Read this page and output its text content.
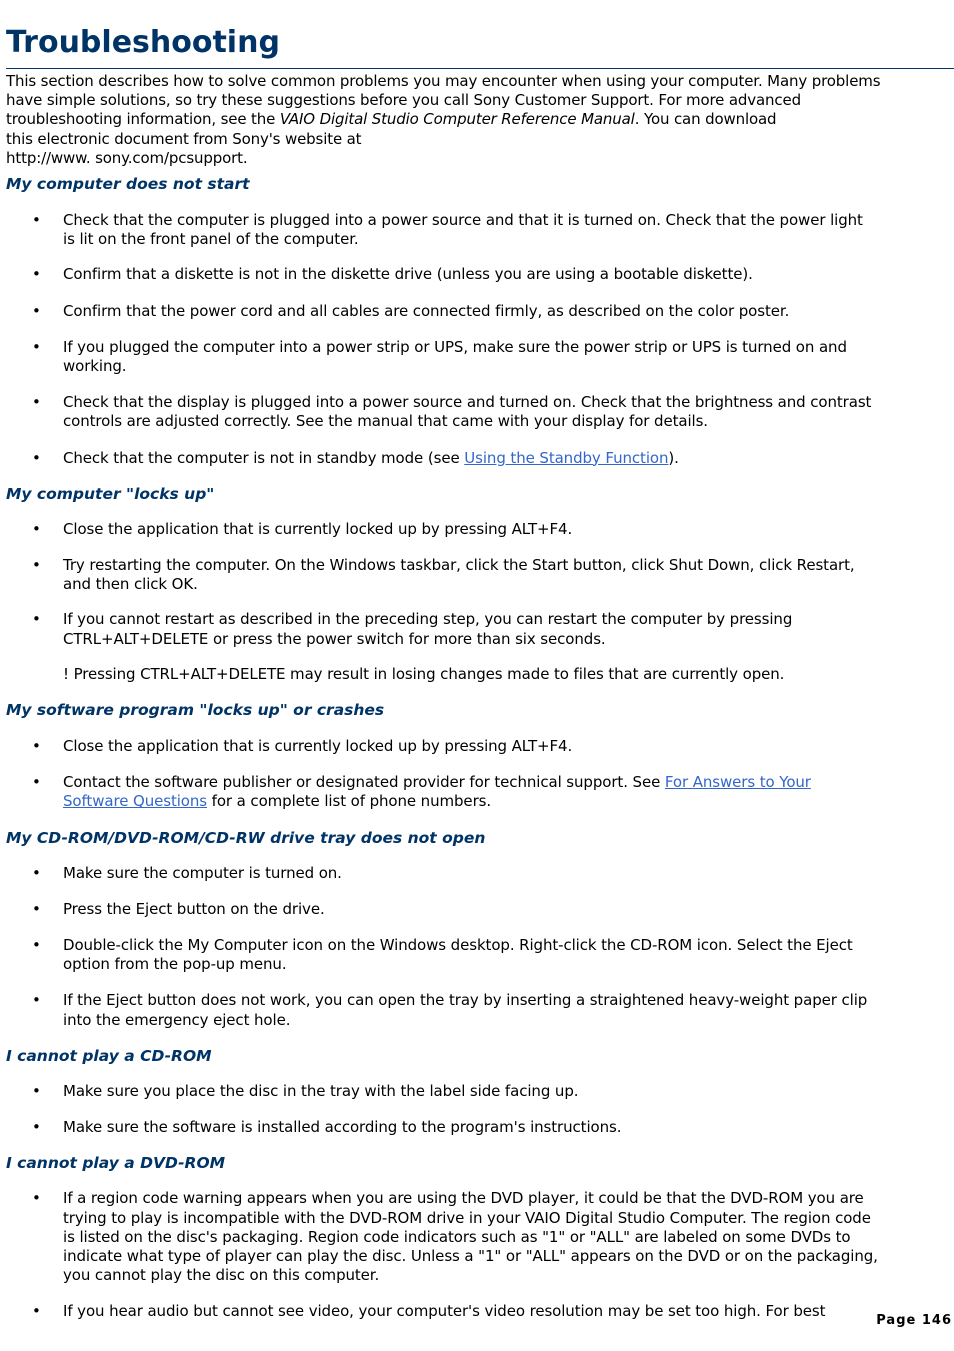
Troubleshooting
This section describes how to solve common problems you may encounter when using your computer. Many problems
have simple solutions, so try these suggestions before you call Sony Customer Support. For more advanced
troubleshooting information, see the VAIO Digital Studio Computer Reference Manual. You can download
this electronic document from Sony's website at
http://www. sony.com/pcsupport.
My computer does not start
• Check that the computer is plugged into a power source and that it is turned on. Check that the power light
is lit on the front panel of the computer.
• Confirm that a diskette is not in the diskette drive (unless you are using a bootable diskette).
• Confirm that the power cord and all cables are connected firmly, as described on the color poster.
• If you plugged the computer into a power strip or UPS, make sure the power strip or UPS is turned on and
working.
• Check that the display is plugged into a power source and turned on. Check that the brightness and contrast
controls are adjusted correctly. See the manual that came with your display for details.
• Check that the computer is not in standby mode (see Using the Standby Function).
My computer "locks up"
• Close the application that is currently locked up by pressing ALT+F4.
• Try restarting the computer. On the Windows taskbar, click the Start button, click Shut Down, click Restart,
and then click OK.
• If you cannot restart as described in the preceding step, you can restart the computer by pressing
CTRL+ALT+DELETE or press the power switch for more than six seconds.
! Pressing CTRL+ALT+DELETE may result in losing changes made to files that are currently open.
My software program "locks up" or crashes
• Close the application that is currently locked up by pressing ALT+F4.
• Contact the software publisher or designated provider for technical support. See For Answers to Your
Software Questions for a complete list of phone numbers.
My CD-ROM/DVD-ROM/CD-RW drive tray does not open
• Make sure the computer is turned on.
• Press the Eject button on the drive.
• Double-click the My Computer icon on the Windows desktop. Right-click the CD-ROM icon. Select the Eject
option from the pop-up menu.
• If the Eject button does not work, you can open the tray by inserting a straightened heavy-weight paper clip
into the emergency eject hole.
I cannot play a CD-ROM
• Make sure you place the disc in the tray with the label side facing up.
• Make sure the software is installed according to the program's instructions.
I cannot play a DVD-ROM
• If a region code warning appears when you are using the DVD player, it could be that the DVD-ROM you are
trying to play is incompatible with the DVD-ROM drive in your VAIO Digital Studio Computer. The region code
is listed on the disc's packaging. Region code indicators such as "1" or "ALL" are labeled on some DVDs to
indicate what type of player can play the disc. Unless a "1" or "ALL" appears on the DVD or on the packaging,
you cannot play the disc on this computer.
• If you hear audio but cannot see video, your computer's video resolution may be set too high. For best
Page 146
